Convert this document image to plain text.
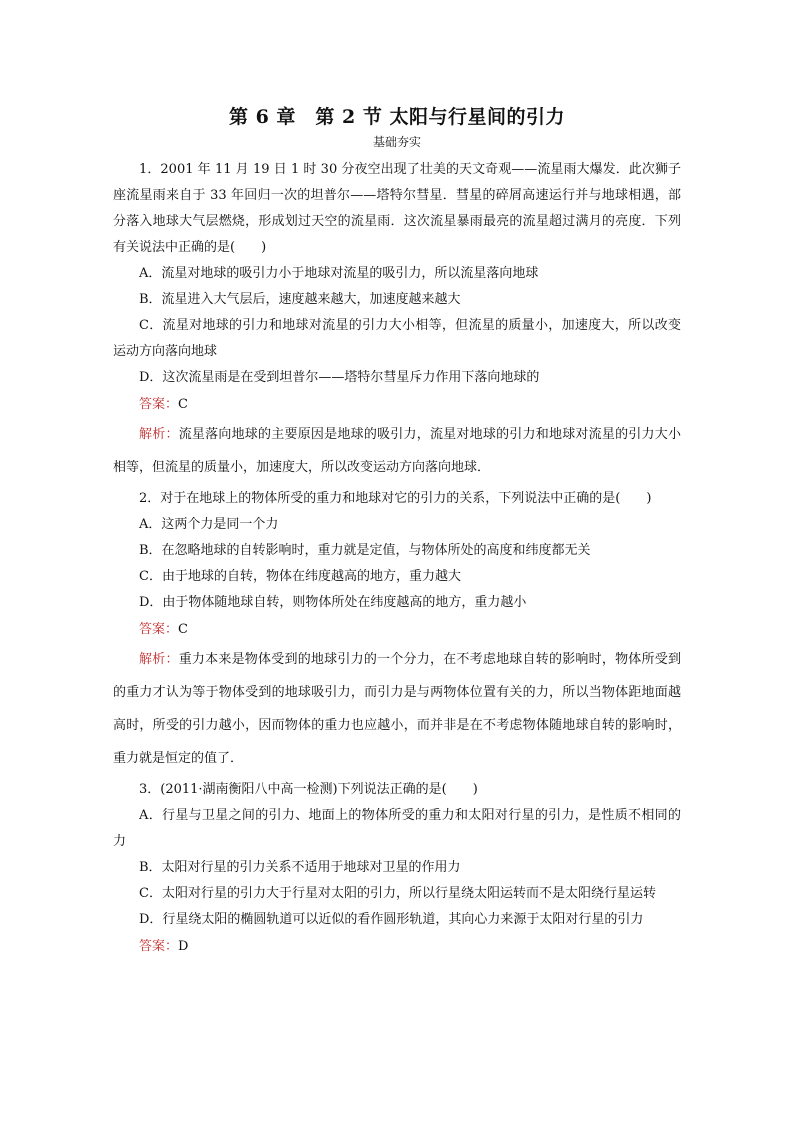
第 6 章　第 2 节 太阳与行星间的引力
基础夯实

1．2001 年 11 月 19 日 1 时 30 分夜空出现了壮美的天文奇观——流星雨大爆发．此次狮子座流星雨来自于 33 年回归一次的坦普尔——塔特尔彗星．彗星的碎屑高速运行并与地球相遇，部分落入地球大气层燃烧，形成划过天空的流星雨．这次流星暴雨最亮的流星超过满月的亮度．下列有关说法中正确的是(　　)

A．流星对地球的吸引力小于地球对流星的吸引力，所以流星落向地球

B．流星进入大气层后，速度越来越大，加速度越来越大

C．流星对地球的引力和地球对流星的引力大小相等，但流星的质量小，加速度大，所以改变运动方向落向地球

D．这次流星雨是在受到坦普尔——塔特尔彗星斥力作用下落向地球的

答案：C

解析：流星落向地球的主要原因是地球的吸引力，流星对地球的引力和地球对流星的引力大小相等，但流星的质量小，加速度大，所以改变运动方向落向地球．

2．对于在地球上的物体所受的重力和地球对它的引力的关系，下列说法中正确的是(　　)

A．这两个力是同一个力

B．在忽略地球的自转影响时，重力就是定值，与物体所处的高度和纬度都无关

C．由于地球的自转，物体在纬度越高的地方，重力越大

D．由于物体随地球自转，则物体所处在纬度越高的地方，重力越小

答案：C

解析：重力本来是物体受到的地球引力的一个分力，在不考虑地球自转的影响时，物体所受到的重力才认为等于物体受到的地球吸引力，而引力是与两物体位置有关的力，所以当物体距地面越高时，所受的引力越小，因而物体的重力也应越小，而并非是在不考虑物体随地球自转的影响时，重力就是恒定的值了．

3．(2011·湖南衡阳八中高一检测)下列说法正确的是(　　)

A．行星与卫星之间的引力、地面上的物体所受的重力和太阳对行星的引力，是性质不相同的力

B．太阳对行星的引力关系不适用于地球对卫星的作用力

C．太阳对行星的引力大于行星对太阳的引力，所以行星绕太阳运转而不是太阳绕行星运转

D．行星绕太阳的椭圆轨道可以近似的看作圆形轨道，其向心力来源于太阳对行星的引力

答案：D
